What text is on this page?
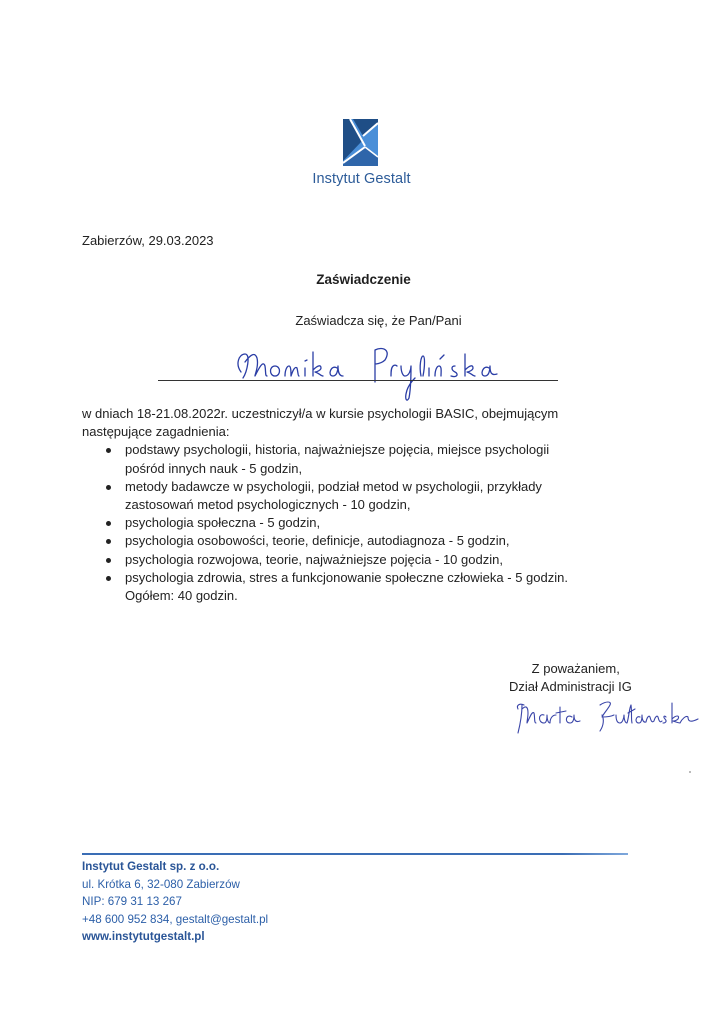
Instytut Gestalt
Zabierzów, 29.03.2023
Zaświadczenie
Zaświadcza się, że Pan/Pani

w dniach 18-21.08.2022r. uczestniczył/a w kursie psychologii BASIC, obejmującym

następujące zagadnienia:

podstawy psychologii, historia, najważniejsze pojęcia, miejsce psychologii
pośród innych nauk - 5 godzin,
metody badawcze w psychologii, podział metod w psychologii, przykłady
zastosowań metod psychologicznych - 10 godzin,
psychologia społeczna - 5 godzin,
psychologia osobowości, teorie, definicje, autodiagnoza - 5 godzin,
psychologia rozwojowa, teorie, najważniejsze pojęcia - 10 godzin,
psychologia zdrowia, stres a funkcjonowanie społeczne człowieka - 5 godzin.
Ogółem: 40 godzin.
Z poważaniem,
Dział Administracji IG
Instytut Gestalt sp. z o.o.
ul. Krótka 6, 32-080 Zabierzów
NIP: 679 31 13 267
+48 600 952 834, gestalt@gestalt.pl
www.instytutgestalt.pl
